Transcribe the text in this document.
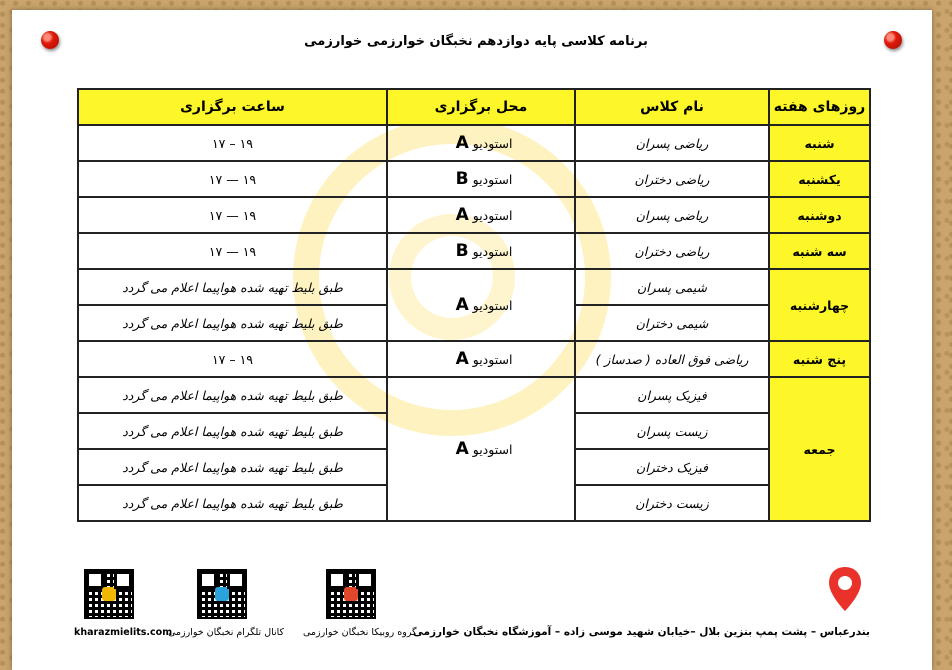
برنامه کلاسی پایه دوازدهم نخبگان خوارزمی خوارزمی
روزهای هفته	نام کلاس	محل برگزاری	ساعت برگزاری
شنبه	ریاضی پسران	استودیو A	۱۹ – ۱۷
یکشنبه	ریاضی دختران	استودیو B	۱۹ — ۱۷
دوشنبه	ریاضی پسران	استودیو A	۱۹ — ۱۷
سه شنبه	ریاضی دختران	استودیو B	۱۹ — ۱۷
چهارشنبه	شیمی پسران	استودیو A	طبق بلیط تهیه شده هواپیما اعلام می گردد
	شیمی دختران		طبق بلیط تهیه شده هواپیما اعلام می گردد
پنج شنبه	ریاضی فوق العاده ( صدساز )	استودیو A	۱۹ – ۱۷
جمعه	فیزیک پسران	استودیو A	طبق بلیط تهیه شده هواپیما اعلام می گردد
	زیست پسران		طبق بلیط تهیه شده هواپیما اعلام می گردد
	فیزیک دختران		طبق بلیط تهیه شده هواپیما اعلام می گردد
	زیست دختران		طبق بلیط تهیه شده هواپیما اعلام می گردد
kharazmielits.com
کانال تلگرام نخبگان خوارزمی گروه روبیکا نخبگان خوارزمی
بندرعباس – پشت پمپ بنزین بلال –خیابان شهید موسی زاده – آموزشگاه نخبگان خوارزمی
